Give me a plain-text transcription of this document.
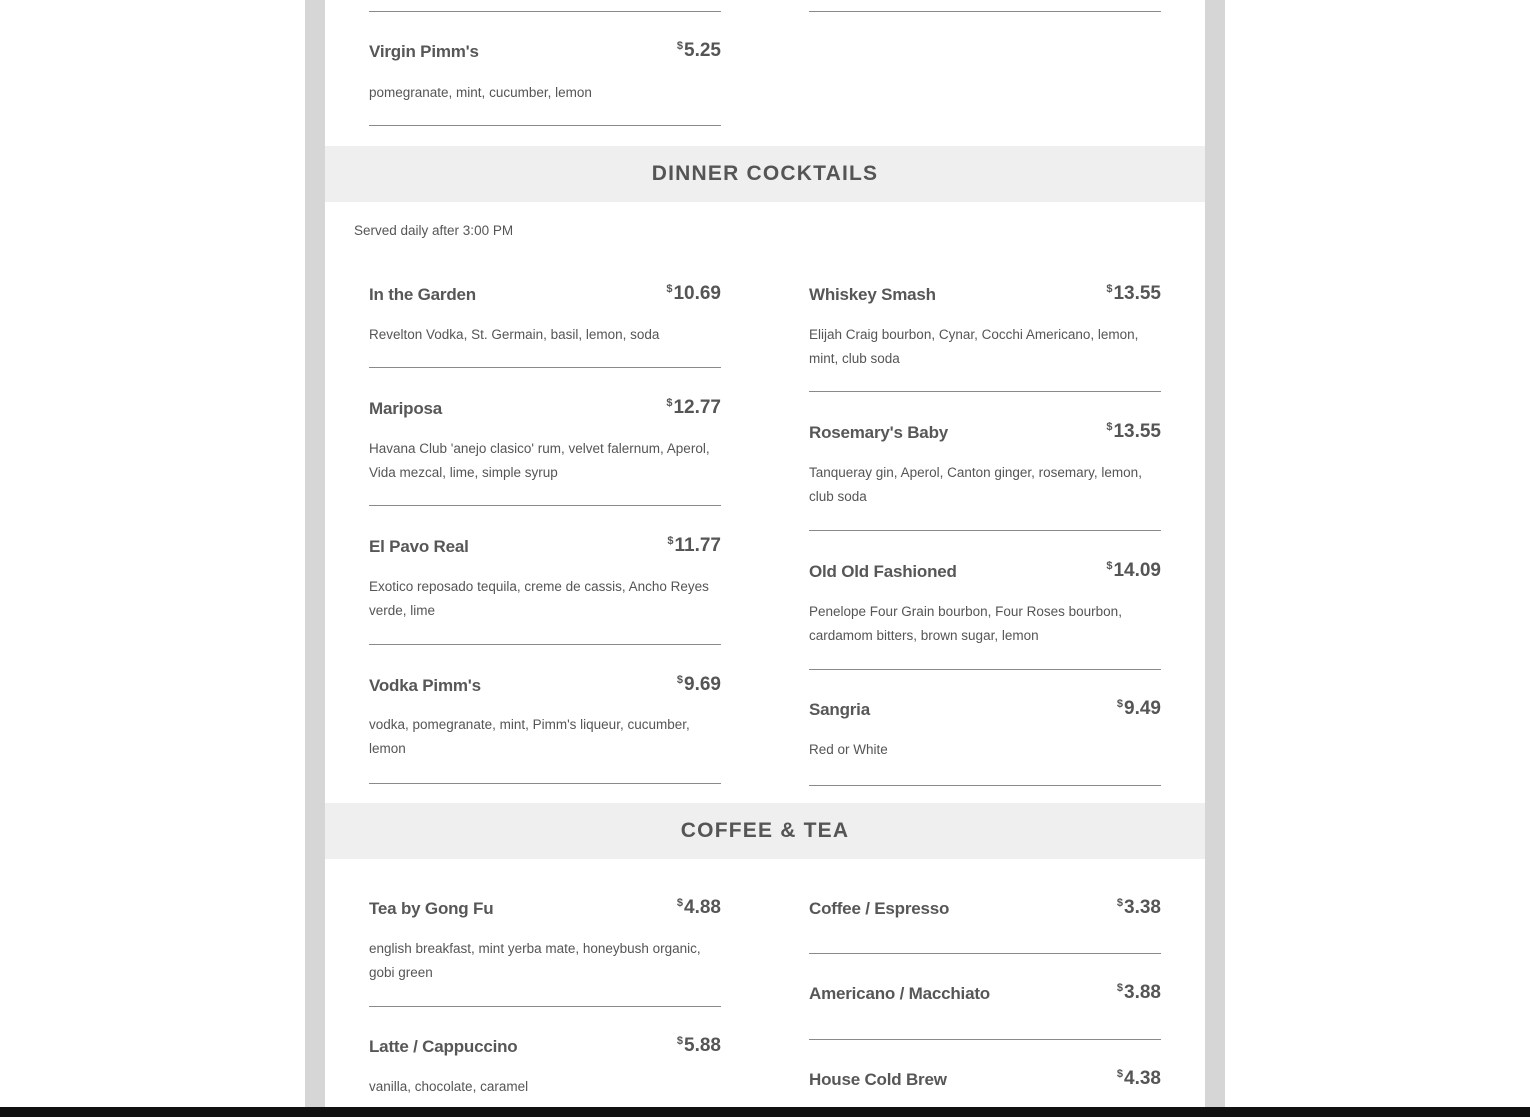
Virgin Pimm's	$5.25
pomegranate, mint, cucumber, lemon
DINNER COCKTAILS
Served daily after 3:00 PM
In the Garden	$10.69
Revelton Vodka, St. Germain, basil, lemon, soda
Mariposa	$12.77
Havana Club 'anejo clasico' rum, velvet falernum, Aperol, Vida mezcal, lime, simple syrup
El Pavo Real	$11.77
Exotico reposado tequila, creme de cassis, Ancho Reyes verde, lime
Vodka Pimm's	$9.69
vodka, pomegranate, mint, Pimm's liqueur, cucumber, lemon
Whiskey Smash	$13.55
Elijah Craig bourbon, Cynar, Cocchi Americano, lemon, mint, club soda
Rosemary's Baby	$13.55
Tanqueray gin, Aperol, Canton ginger, rosemary, lemon, club soda
Old Old Fashioned	$14.09
Penelope Four Grain bourbon, Four Roses bourbon, cardamom bitters, brown sugar, lemon
Sangria	$9.49
Red or White
COFFEE & TEA
Tea by Gong Fu	$4.88
english breakfast, mint yerba mate, honeybush organic, gobi green
Latte / Cappuccino	$5.88
vanilla, chocolate, caramel
Coffee / Espresso	$3.38
Americano / Macchiato	$3.88
House Cold Brew	$4.38
